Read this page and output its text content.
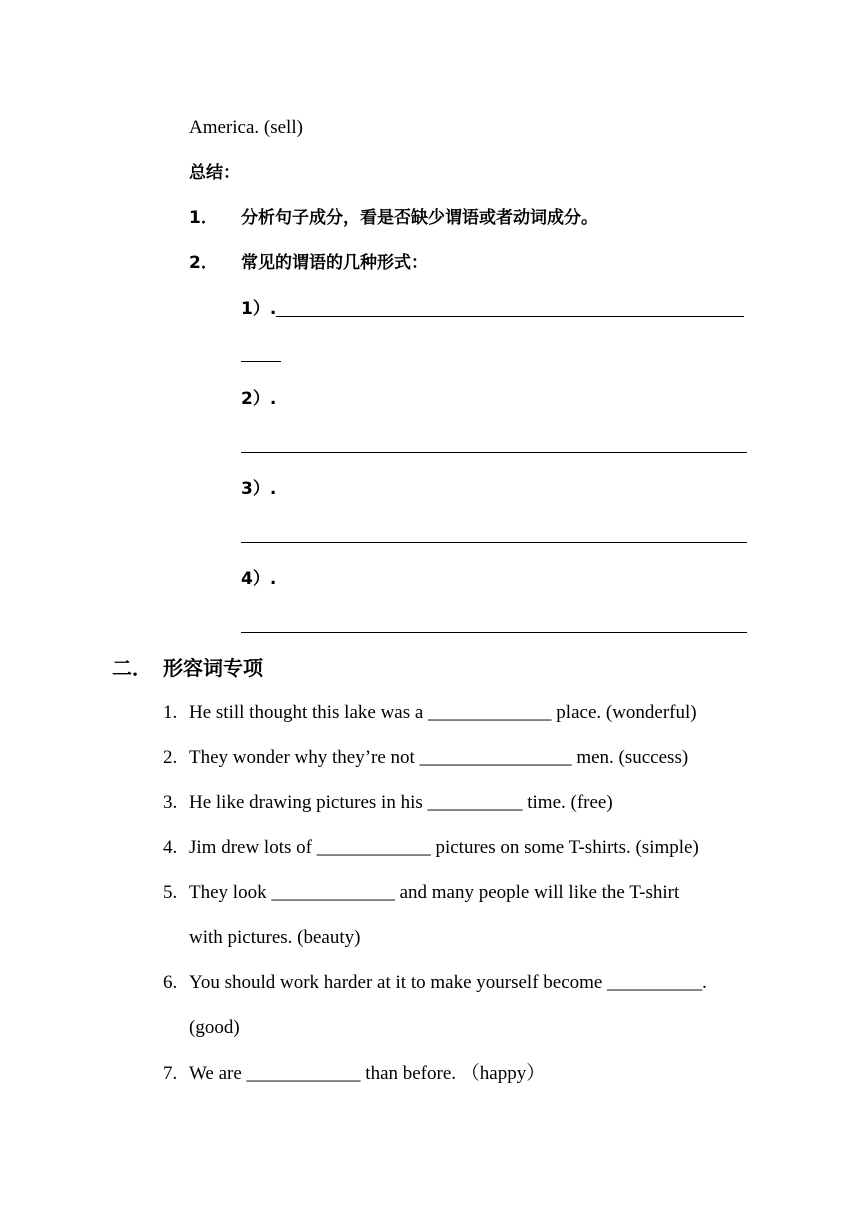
America. (sell)
总结：
1． 分析句子成分，看是否缺少谓语或者动词成分。
2． 常见的谓语的几种形式：
1）.
2）.
3）.
4）.
二． 形容词专项
1. He still thought this lake was a _____________ place. (wonderful)
2. They wonder why they’re not ________________ men. (success)
3. He like drawing pictures in his __________ time. (free)
4. Jim drew lots of ____________ pictures on some T-shirts. (simple)
5. They look _____________ and many people will like the T-shirt
with pictures. (beauty)
6. You should work harder at it to make yourself become __________.
(good)
7. We are ____________ than before. （happy）
